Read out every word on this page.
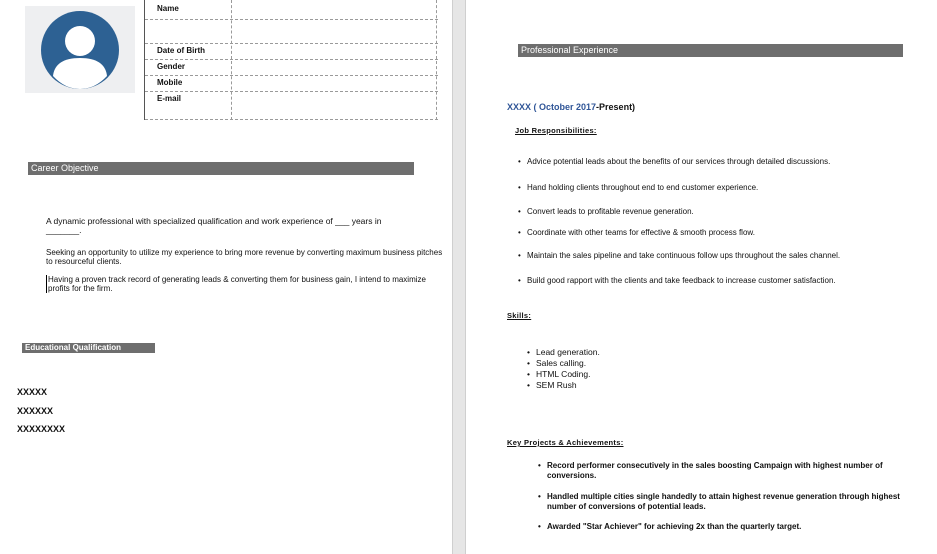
Name
Date of Birth
Gender
Mobile
E-mail
Career Objective
A dynamic professional with specialized qualification and work experience of ___ years in
_______.
Seeking an opportunity to utilize my experience to bring more revenue by converting maximum business pitches to resourceful clients.
Having a proven track record of generating leads & converting them for business gain, I intend to maximize profits for the firm.
Educational Qualification
XXXXX
XXXXXX
XXXXXXXX
Professional Experience
XXXX ( October 2017-Present)
Job Responsibilities:
• Advice potential leads about the benefits of our services through detailed discussions.
• Hand holding clients throughout end to end customer experience.
• Convert leads to profitable revenue generation.
• Coordinate with other teams for effective & smooth process flow.
• Maintain the sales pipeline and take continuous follow ups throughout the sales channel.
• Build good rapport with the clients and take feedback to increase customer satisfaction.
Skills:
• Lead generation.
• Sales calling.
• HTML Coding.
• SEM Rush
Key Projects & Achievements:
• Record performer consecutively in the sales boosting Campaign with highest number of conversions.
• Handled multiple cities single handedly to attain highest revenue generation through highest number of conversions of potential leads.
• Awarded "Star Achiever" for achieving 2x than the quarterly target.
